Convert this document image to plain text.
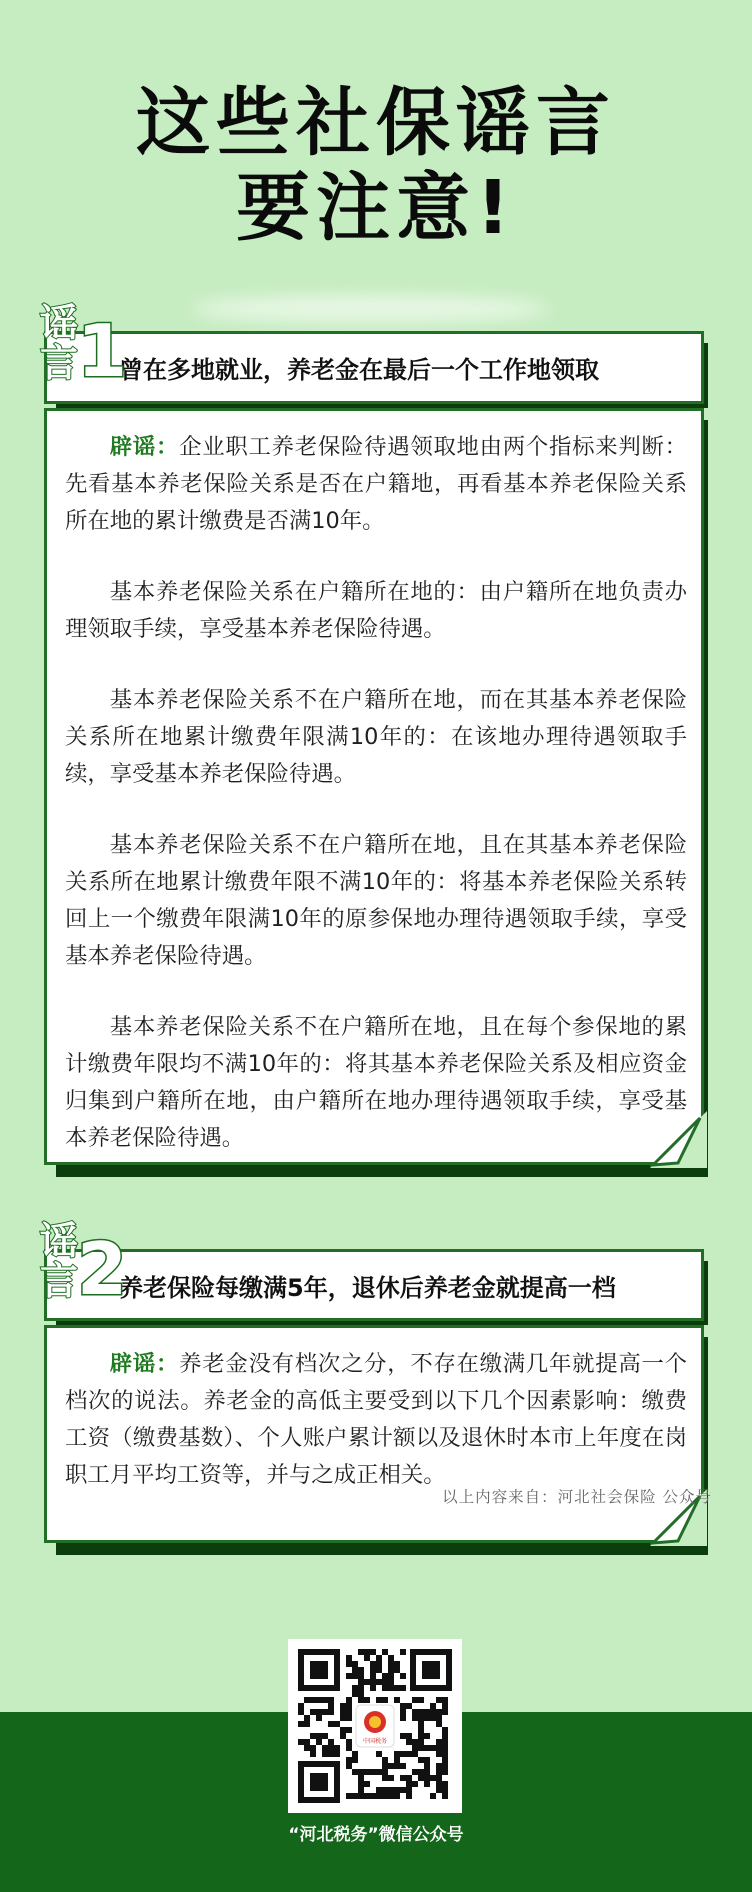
这些社保谣言
要注意!
曾在多地就业，养老金在最后一个工作地领取

辟谣：企业职工养老保险待遇领取地由两个指标来判断：先看基本养老保险关系是否在户籍地，再看基本养老保险关系所在地的累计缴费是否满10年。

基本养老保险关系在户籍所在地的：由户籍所在地负责办理领取手续，享受基本养老保险待遇。

基本养老保险关系不在户籍所在地，而在其基本养老保险关系所在地累计缴费年限满10年的：在该地办理待遇领取手续，享受基本养老保险待遇。

基本养老保险关系不在户籍所在地，且在其基本养老保险关系所在地累计缴费年限不满10年的：将基本养老保险关系转回上一个缴费年限满10年的原参保地办理待遇领取手续，享受基本养老保险待遇。

基本养老保险关系不在户籍所在地，且在每个参保地的累计缴费年限均不满10年的：将其基本养老保险关系及相应资金归集到户籍所在地，由户籍所在地办理待遇领取手续，享受基本养老保险待遇。

谣
言 1
养老保险每缴满5年，退休后养老金就提高一档

辟谣：养老金没有档次之分，不存在缴满几年就提高一个档次的说法。养老金的高低主要受到以下几个因素影响：缴费工资（缴费基数）、个人账户累计额以及退休时本市上年度在岗职工月平均工资等，并与之成正相关。

谣
言 2
以上内容来自：河北社会保险 公众号
中国税务
“河北税务”微信公众号
